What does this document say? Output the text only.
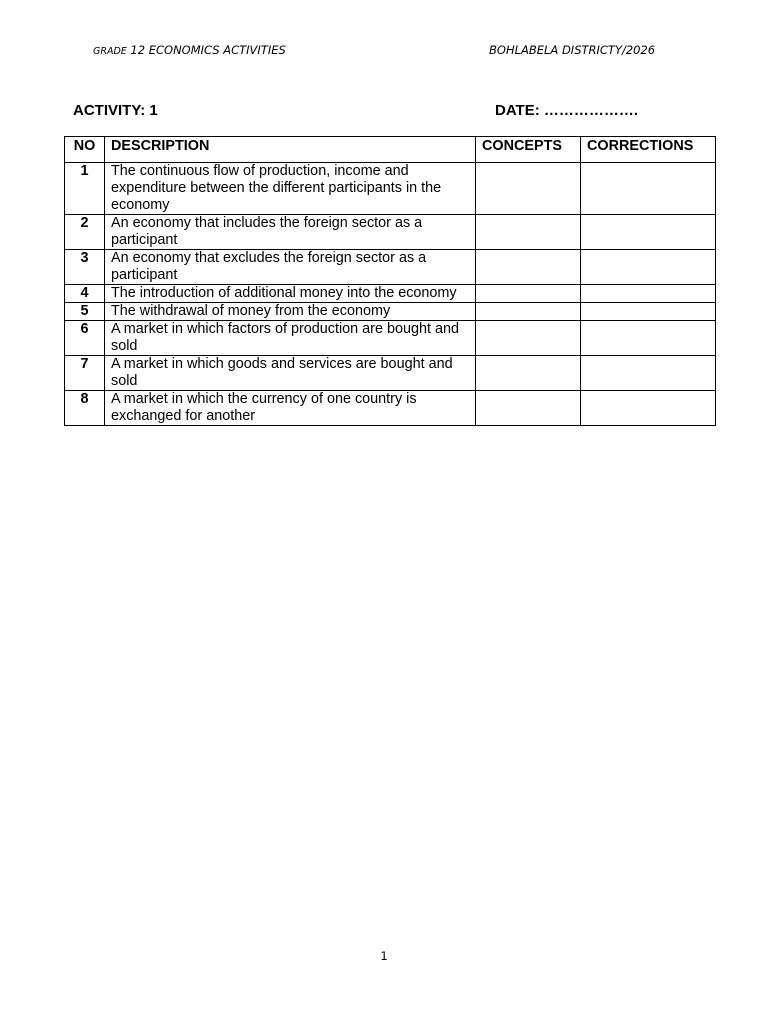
GRADE 12 ECONOMICS ACTIVITIES	BOHLABELA DISTRICTY/2026
ACTIVITY: 1	DATE: ……………….
NO	DESCRIPTION	CONCEPTS	CORRECTIONS
1	The continuous flow of production, income and expenditure between the different participants in the economy		
2	An economy that includes the foreign sector as a participant		
3	An economy that excludes the foreign sector as a participant		
4	The introduction of additional money into the economy		
5	The withdrawal of money from the economy		
6	A market in which factors of production are bought and sold		
7	A market in which goods and services are bought and sold		
8	A market in which the currency of one country is exchanged for another		
1
